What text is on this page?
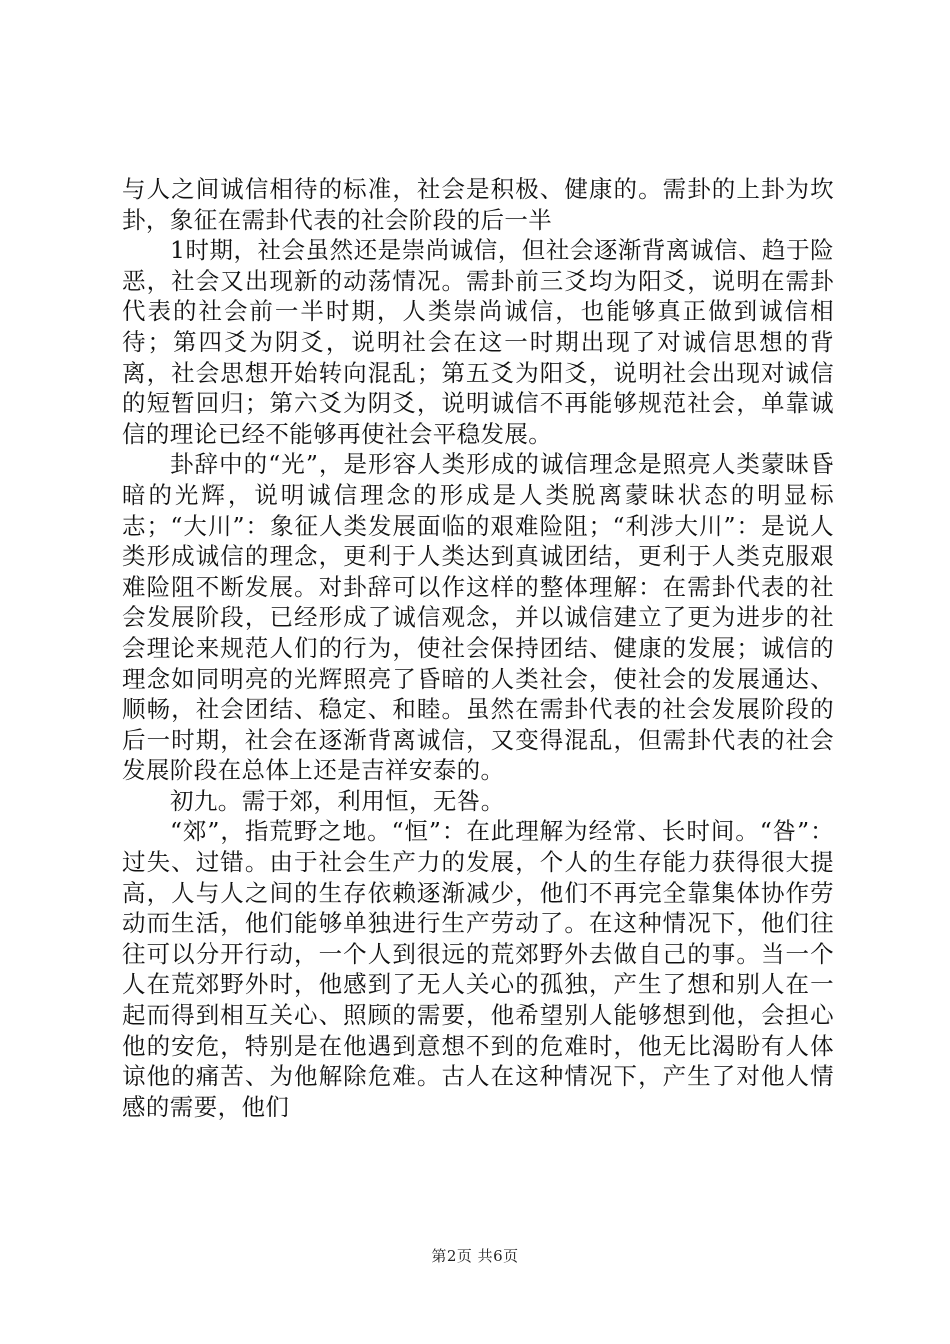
与人之间诚信相待的标准，社会是积极、健康的。需卦的上卦为坎卦，象征在需卦代表的社会阶段的后一半

1时期，社会虽然还是崇尚诚信，但社会逐渐背离诚信、趋于险恶，社会又出现新的动荡情况。需卦前三爻均为阳爻，说明在需卦代表的社会前一半时期，人类崇尚诚信，也能够真正做到诚信相待；第四爻为阴爻，说明社会在这一时期出现了对诚信思想的背离，社会思想开始转向混乱；第五爻为阳爻，说明社会出现对诚信的短暂回归；第六爻为阴爻，说明诚信不再能够规范社会，单靠诚信的理论已经不能够再使社会平稳发展。

卦辞中的“光”，是形容人类形成的诚信理念是照亮人类蒙昧昏暗的光辉，说明诚信理念的形成是人类脱离蒙昧状态的明显标志；“大川”：象征人类发展面临的艰难险阻；“利涉大川”：是说人类形成诚信的理念，更利于人类达到真诚团结，更利于人类克服艰难险阻不断发展。对卦辞可以作这样的整体理解：在需卦代表的社会发展阶段，已经形成了诚信观念，并以诚信建立了更为进步的社会理论来规范人们的行为，使社会保持团结、健康的发展；诚信的理念如同明亮的光辉照亮了昏暗的人类社会，使社会的发展通达、顺畅，社会团结、稳定、和睦。虽然在需卦代表的社会发展阶段的后一时期，社会在逐渐背离诚信，又变得混乱，但需卦代表的社会发展阶段在总体上还是吉祥安泰的。

初九。需于郊，利用恒，无咎。

“郊”，指荒野之地。“恒”：在此理解为经常、长时间。“咎”：过失、过错。由于社会生产力的发展，个人的生存能力获得很大提高，人与人之间的生存依赖逐渐减少，他们不再完全靠集体协作劳动而生活，他们能够单独进行生产劳动了。在这种情况下，他们往往可以分开行动，一个人到很远的荒郊野外去做自己的事。当一个人在荒郊野外时，他感到了无人关心的孤独，产生了想和别人在一起而得到相互关心、照顾的需要，他希望别人能够想到他，会担心他的安危，特别是在他遇到意想不到的危难时，他无比渴盼有人体谅他的痛苦、为他解除危难。古人在这种情况下，产生了对他人情感的需要，他们

第2页 共6页
